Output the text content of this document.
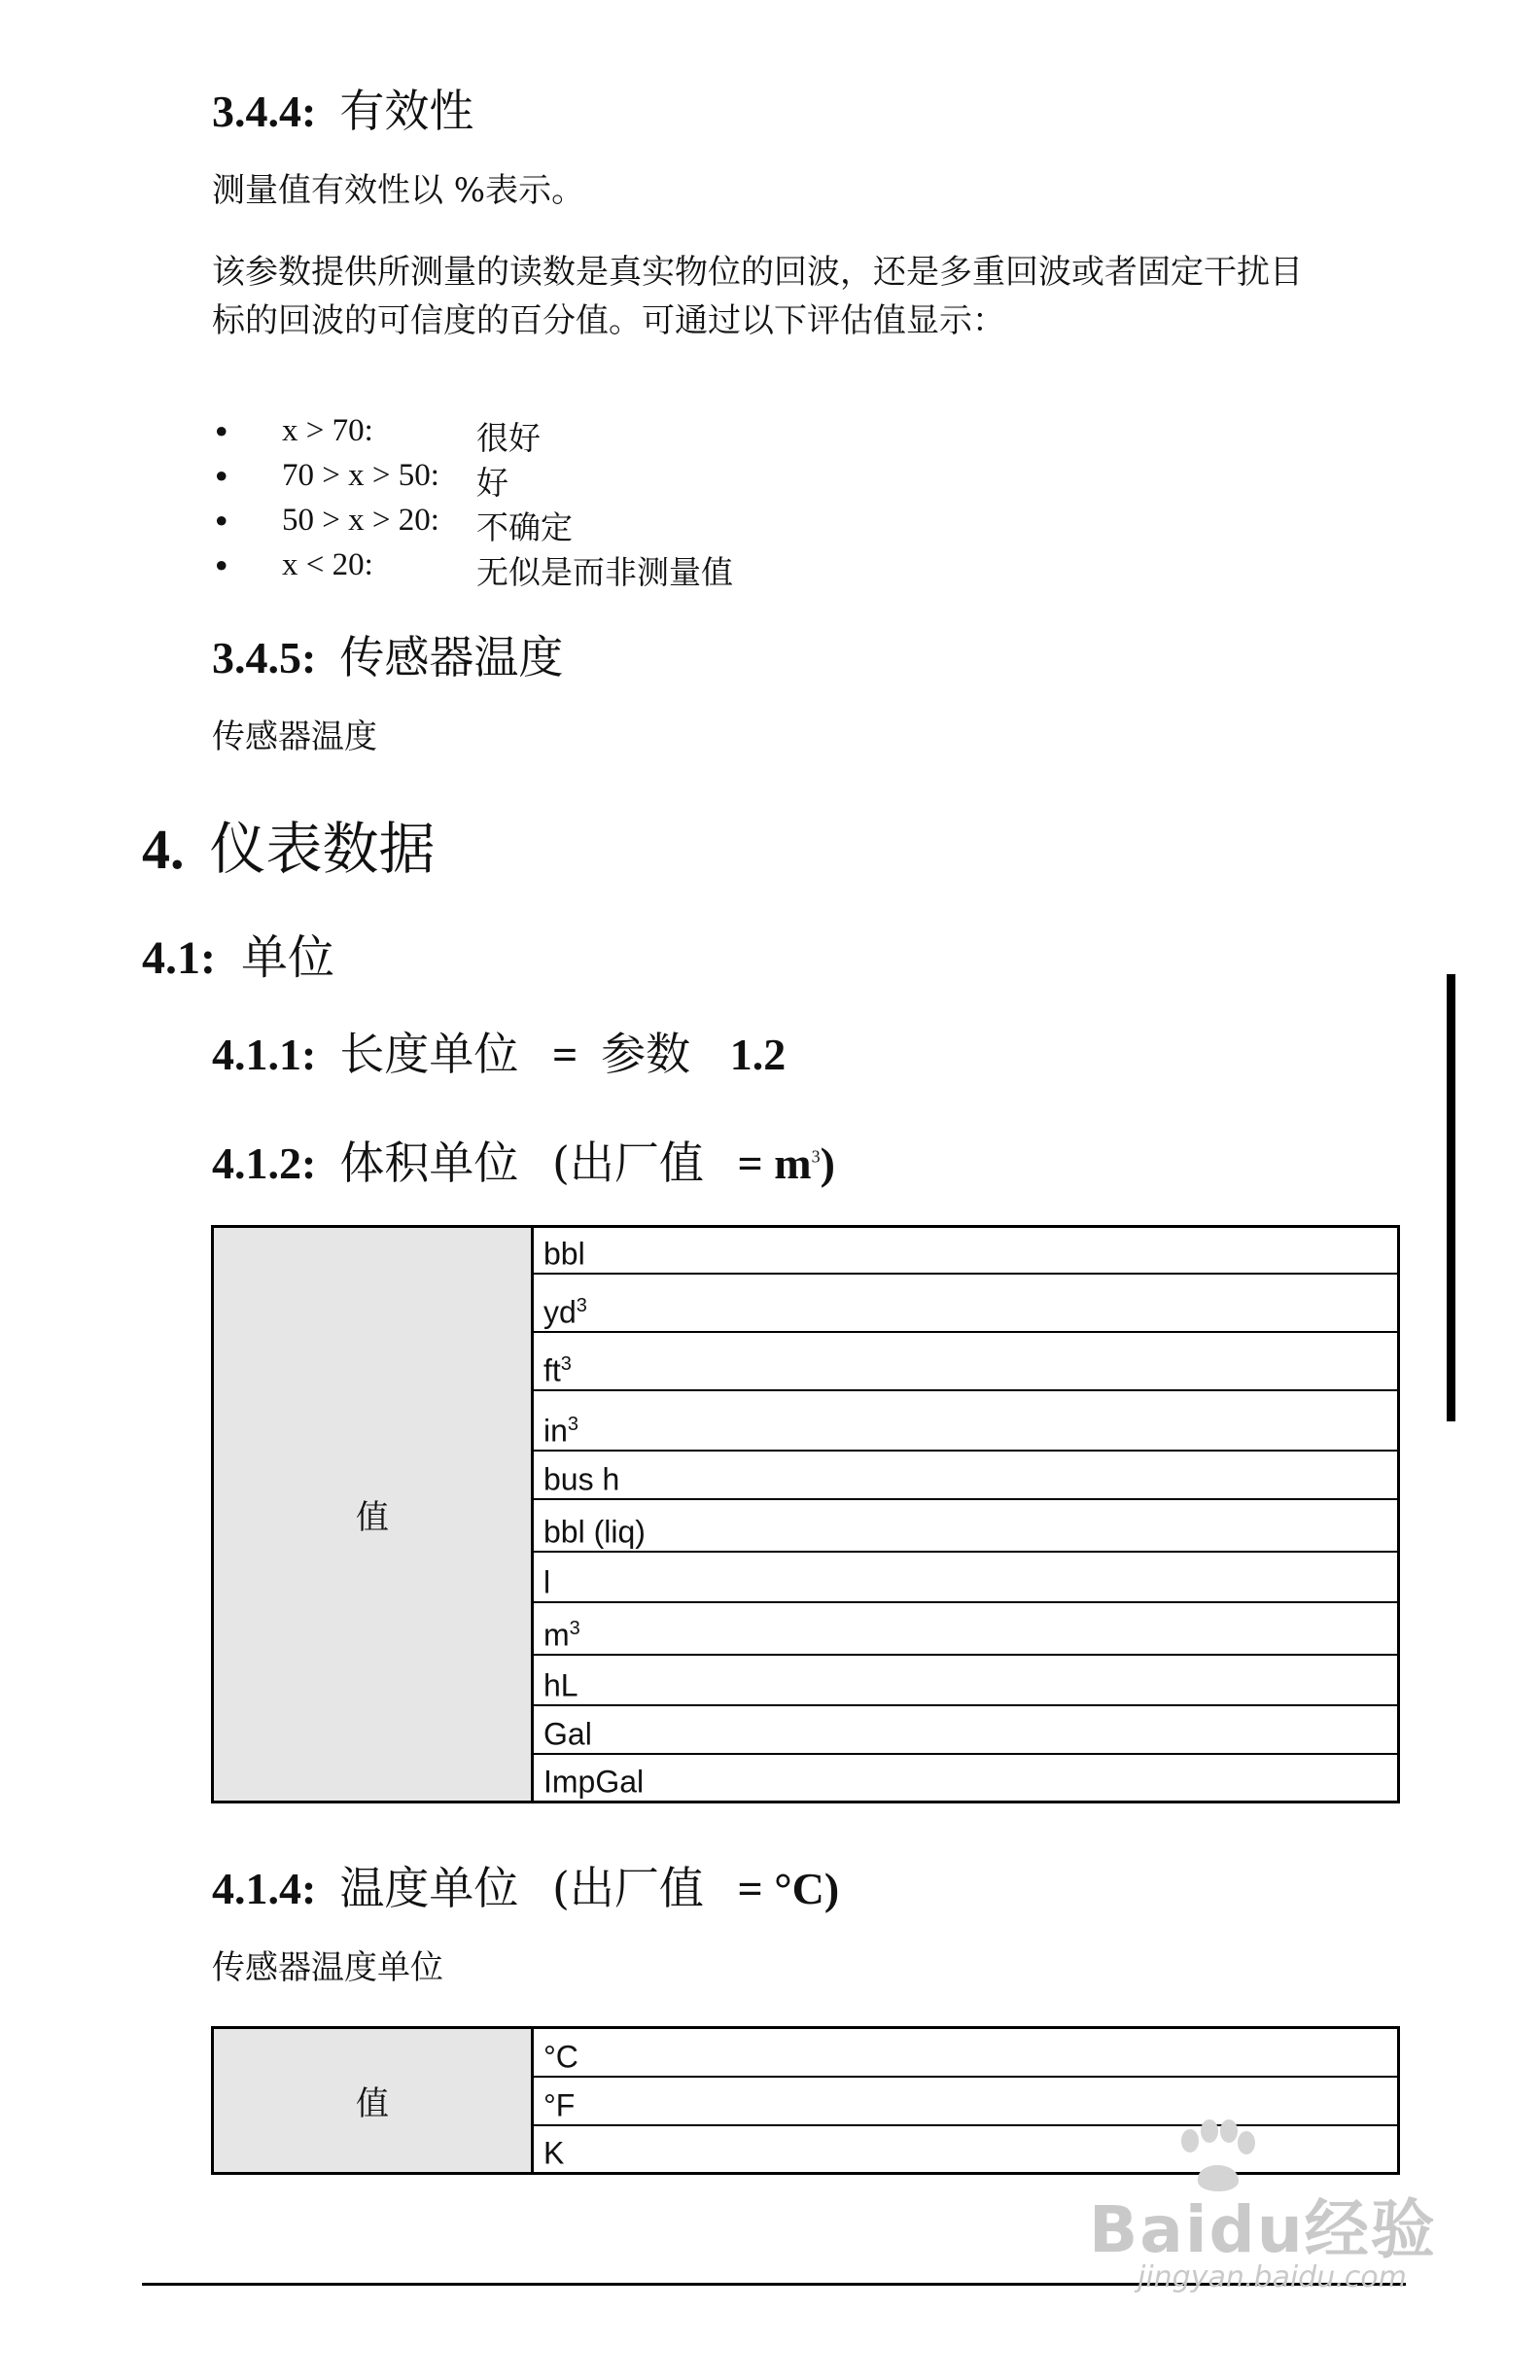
3.4.4: 有效性
测量值有效性以 %表示。
该参数提供所测量的读数是真实物位的回波，还是多重回波或者固定干扰目
标的回波的可信度的百分值。可通过以下评估值显示：
• x > 70:	很好
• 70 > x > 50: 好
• 50 > x > 20: 不确定
• x < 20:	无似是而非测量值
3.4.5: 传感器温度
传感器温度
4. 仪表数据
4.1: 单位
4.1.1: 长度单位 = 参数 1.2
4.1.2: 体积单位 (出厂值 = $m^3$)
值	bbl
$yd^3$
$ft^3$
$in^3$
bus h
bbl (liq)
l
$m^3$
hL
Gal
ImpGal
4.1.4: 温度单位 (出厂值 = °C)
传感器温度单位
值	°C
°F
K
Baidu经验
jingyan.baidu.com
